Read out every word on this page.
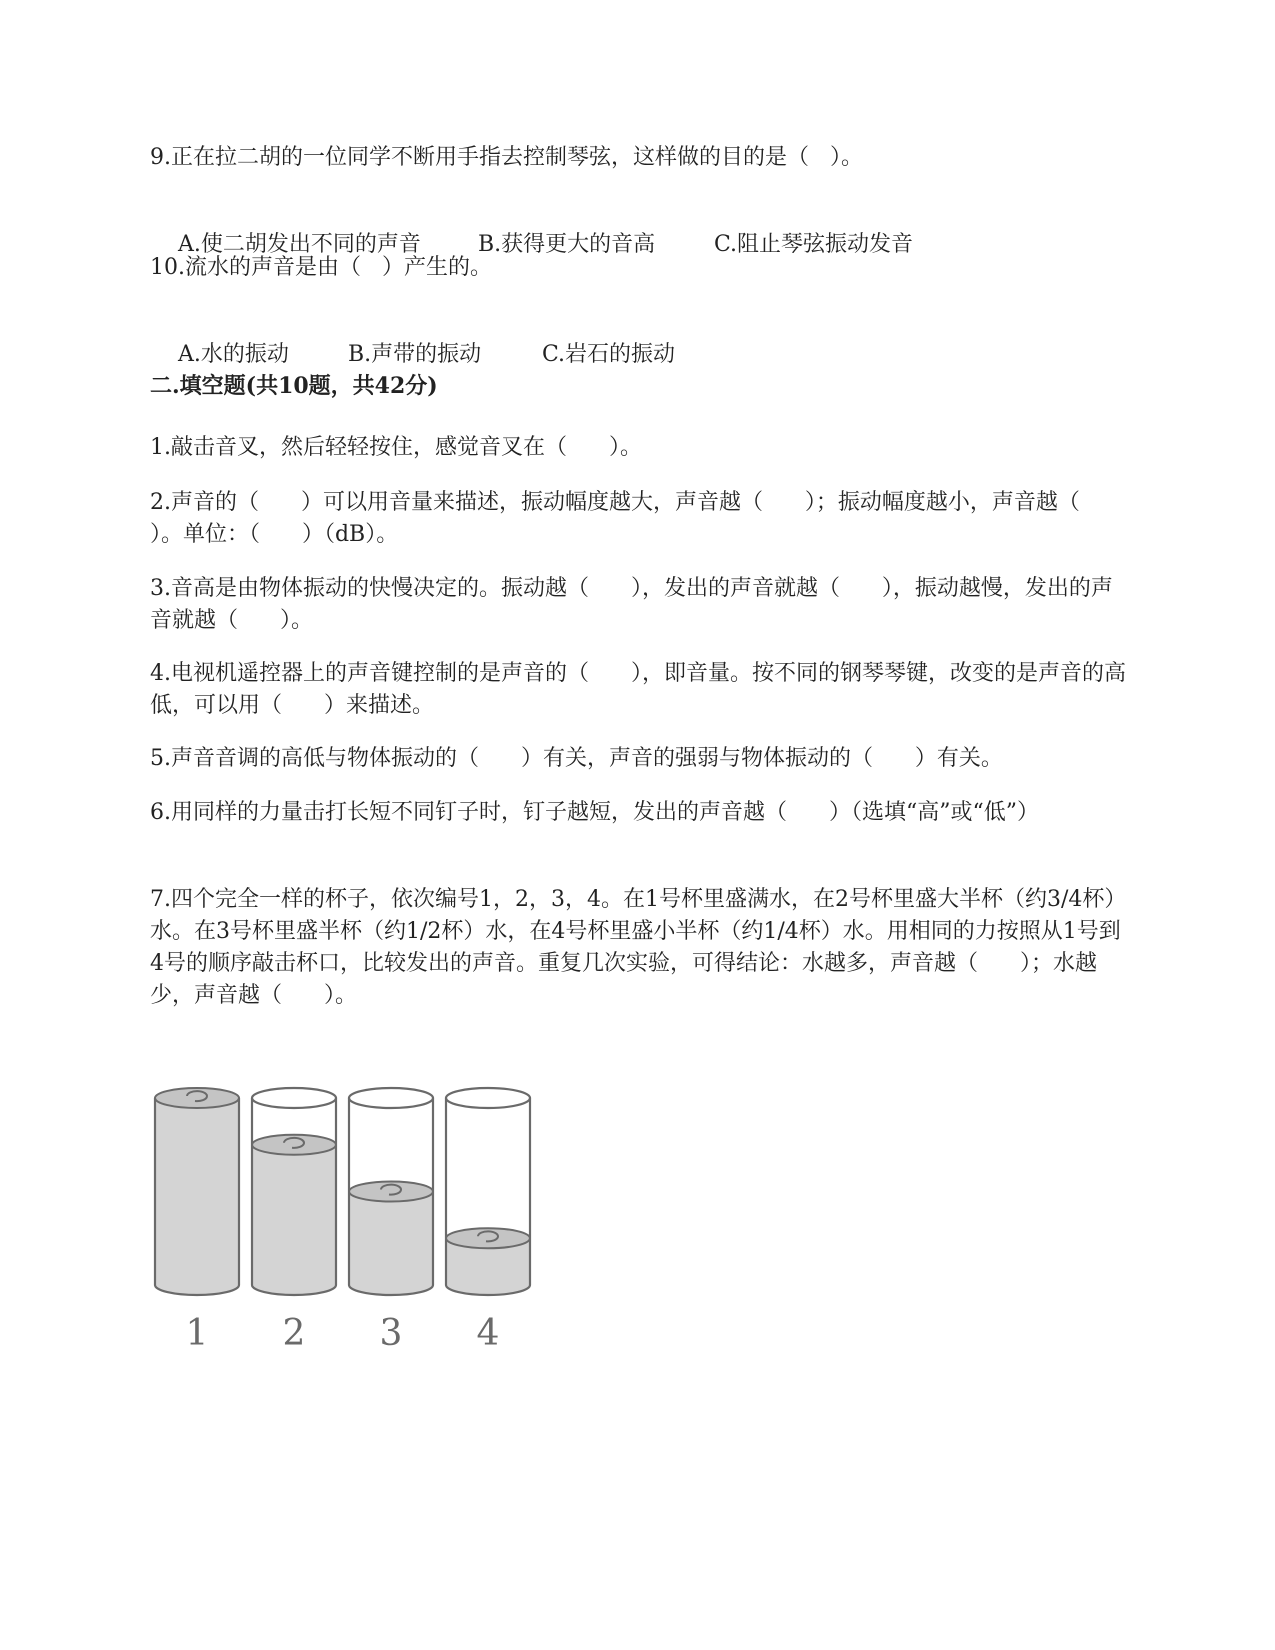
9.正在拉二胡的一位同学不断用手指去控制琴弦，这样做的目的是（   ）。

A.使二胡发出不同的声音	B.获得更大的音高	C.阻止琴弦振动发音

10.流水的声音是由（   ）产生的。

A.水的振动	B.声带的振动	C.岩石的振动

二.填空题(共10题，共42分)
1.敲击音叉，然后轻轻按住，感觉音叉在（      ）。
2.声音的（      ）可以用音量来描述，振动幅度越大，声音越（      ）；振动幅度越小，声音越（      ）。单位：（      ）（dB）。
3.音高是由物体振动的快慢决定的。振动越（      ），发出的声音就越（      ），振动越慢，发出的声音就越（      ）。
4.电视机遥控器上的声音键控制的是声音的（      ），即音量。按不同的钢琴琴键，改变的是声音的高低，可以用（      ）来描述。
5.声音音调的高低与物体振动的（      ）有关，声音的强弱与物体振动的（      ）有关。
6.用同样的力量击打长短不同钉子时，钉子越短，发出的声音越（      ）（选填“高”或“低”）
7.四个完全一样的杯子，依次编号1，2，3，4。在1号杯里盛满水，在2号杯里盛大半杯（约3/4杯）水。在3号杯里盛半杯（约1/2杯）水，在4号杯里盛小半杯（约1/4杯）水。用相同的力按照从1号到4号的顺序敲击杯口，比较发出的声音。重复几次实验，可得结论：水越多，声音越（      ）；水越少，声音越（      ）。
1 2 3 4
